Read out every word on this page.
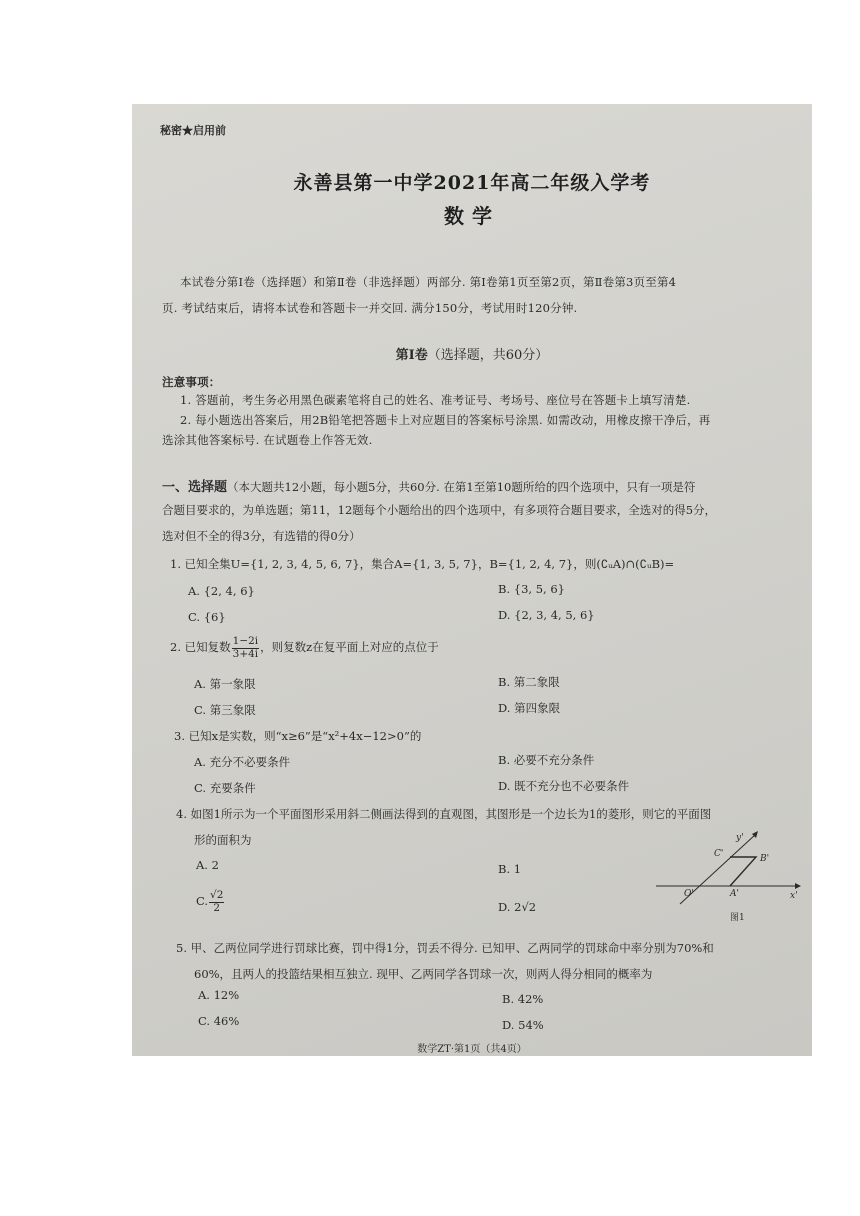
秘密★启用前
永善县第一中学2021年高二年级入学考
数学
本试卷分第Ⅰ卷（选择题）和第Ⅱ卷（非选择题）两部分. 第Ⅰ卷第1页至第2页，第Ⅱ卷第3页至第4
页. 考试结束后，请将本试卷和答题卡一并交回. 满分150分，考试用时120分钟.
第Ⅰ卷（选择题，共60分）
注意事项：
1. 答题前，考生务必用黑色碳素笔将自己的姓名、准考证号、考场号、座位号在答题卡上填写清楚.
2. 每小题选出答案后，用2B铅笔把答题卡上对应题目的答案标号涂黑. 如需改动，用橡皮擦干净后，再
选涂其他答案标号. 在试题卷上作答无效.
一、选择题（本大题共12小题，每小题5分，共60分. 在第1至第10题所给的四个选项中，只有一项是符
合题目要求的，为单选题；第11，12题每个小题给出的四个选项中，有多项符合题目要求，全选对的得5分，
选对但不全的得3分，有选错的得0分）
1. 已知全集U={1, 2, 3, 4, 5, 6, 7}，集合A={1, 3, 5, 7}，B={1, 2, 4, 7}，则(∁ᵤA)∩(∁ᵤB)=
A. {2, 4, 6}	B. {3, 5, 6}
C. {6}	D. {2, 3, 4, 5, 6}
2. 已知复数 $\frac{1-2i}{3+4i}$ ，则复数z在复平面上对应的点位于
A. 第一象限	B. 第二象限
C. 第三象限	D. 第四象限
3. 已知x是实数，则“x≥6”是“x²+4x−12>0”的
A. 充分不必要条件	B. 必要不充分条件
C. 充要条件	D. 既不充分也不必要条件
4. 如图1所示为一个平面图形采用斜二侧画法得到的直观图，其图形是一个边长为1的菱形，则它的平面图
形的面积为
A. 2	B. 1
C. $\frac{√2}{2}$	D. 2√2
y'
C'	B'
O'	A'	x'
图1
5. 甲、乙两位同学进行罚球比赛，罚中得1分，罚丢不得分. 已知甲、乙两同学的罚球命中率分别为70%和
60%，且两人的投篮结果相互独立. 现甲、乙两同学各罚球一次，则两人得分相同的概率为
A. 12%	B. 42%
C. 46%	D. 54%
数学ZT·第1页（共4页）
